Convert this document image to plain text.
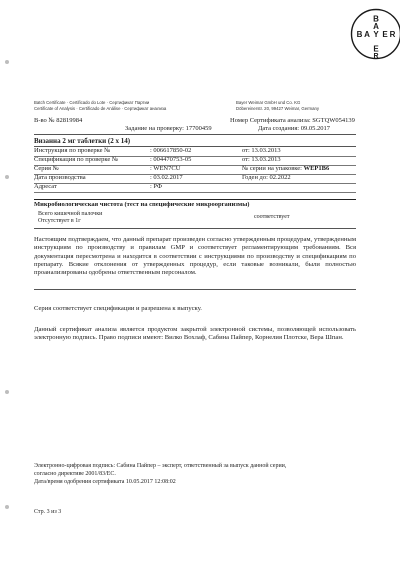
B
A
E
R
B A Y E R
Batch Certificate · Certificado do Lote · Сертификат Партии
Certificate of Analysis · Certificado de Análise · Сертификат анализа
Bayer Weimar GmbH und Co. KG
Döbereinerstr. 20, 99427 Weimar, Germany
В-во № 82819984
Задание на проверку: 17700459
Номер Сертификата анализа: SGTQW054139
Дата создания: 09.05.2017
Визанна 2 мг таблетки (2 x 14)
Инструкция по проверке №	: 006617850-02	от: 13.03.2013
Спецификация по проверке №	: 004470753-05	от: 13.03.2013
Серия №	: WEN7CU	№ серии на упаковке: WEP1B6
Дата производства	: 03.02.2017	Годен до: 02.2022
Адресат	: РФ
Микробиологическая чистота (тест на специфические микроорганизмы)
Всего кишечной палочки
Отсутствует в 1г
соответствует
Настоящим подтверждаем, что данный препарат произведен согласно утвержденным процедурам, утвержденным инструкциям по производству и правилам GMP и соответствует регламентирующим требованиям. Вся документация пересмотрена и находится в соответствии с инструкциями по производству и спецификациям по препарату. Всякие отклонения от утвержденных процедур, если таковые возникали, были полностью проанализированы одобрены ответственным персоналом.
Серия соответствует спецификации и разрешена к выпуску.
Данный сертификат анализа является продуктом закрытой электронной системы, позволяющей использовать электронную подпись. Право подписи имеют: Вилко Вохлаф, Сабина Пайпер, Корнелия Плотске, Вера Шпан.
Электронно-цифровая подпись: Сабина Пайпер – эксперт, ответственный за выпуск данной серии,
согласно директиве 2001/83/ЕС.
Дата/время одобрения сертификата 10.05.2017 12:08:02
Стр. 3 из 3
